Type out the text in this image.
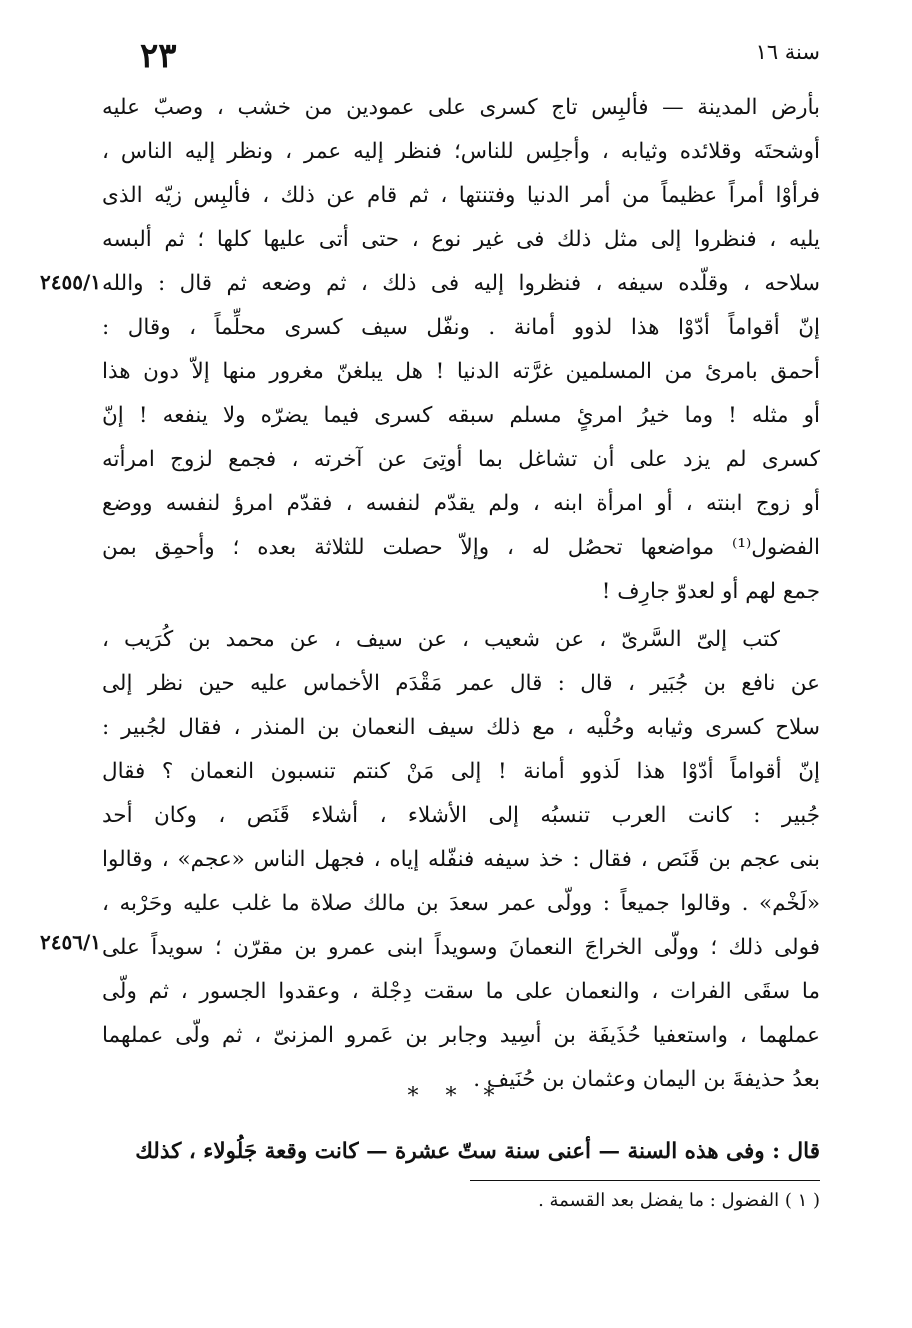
٢٣	سنة ١٦
بأرض المدينة — فألبِس تاج كسرى على عمودين من خشب ، وصبّ عليه
أوشحتَه وقلائده وثيابه ، وأجلِس للناس؛ فنظر إليه عمر ، ونظر إليه الناس ،
فرأوْا أمراً عظيماً من أمر الدنيا وفتنتها ، ثم قام عن ذلك ، فألبِس زيّه الذى
يليه ، فنظروا إلى مثل ذلك فى غير نوع ، حتى أتى عليها كلها ؛ ثم ألبسه
سلاحه ، وقلّده سيفه ، فنظروا إليه فى ذلك ، ثم وضعه ثم قال : والله
إنّ أقواماً أدّوْا هذا لذوو أمانة . ونفّل سيف كسرى محلِّماً ، وقال :
أحمق بامرئ من المسلمين غرَّته الدنيا ! هل يبلغنّ مغرور منها إلاّ دون هذا
أو مثله ! وما خيرُ امرئٍ مسلم سبقه كسرى فيما يضرّه ولا ينفعه ! إنّ
كسرى لم يزد على أن تشاغل بما أوتِىَ عن آخرته ، فجمع لزوج امرأته
أو زوج ابنته ، أو امرأة ابنه ، ولم يقدّم لنفسه ، فقدّم امرؤ لنفسه ووضع
الفضول⁽¹⁾ مواضعها تحصُل له ، وإلاّ حصلت للثلاثة بعده ؛ وأحمِق بمن
جمع لهم أو لعدوّ جارِف !
كتب إلىّ السَّرىّ ، عن شعيب ، عن سيف ، عن محمد بن كُرَيب ،
عن نافع بن جُبَير ، قال : قال عمر مَقْدَم الأخماس عليه حين نظر إلى
سلاح كسرى وثيابه وحُلْيه ، مع ذلك سيف النعمان بن المنذر ، فقال لجُبير :
إنّ أقواماً أدّوْا هذا لَذوو أمانة ! إلى مَنْ كنتم تنسبون النعمان ؟ فقال
جُبير : كانت العرب تنسبُه إلى الأشلاء ، أشلاء قَنَص ، وكان أحد
بنى عجم بن قَنَص ، فقال : خذ سيفه فنفّله إياه ، فجهل الناس «عجم» ، وقالوا
«لَخْم» . وقالوا جميعاً : وولّى عمر سعدَ بن مالك صلاة ما غلب عليه وحَرْبه ،
فولى ذلك ؛ وولّى الخراجَ النعمانَ وسويداً ابنى عمرو بن مقرّن ؛ سويداً على
ما سقَى الفرات ، والنعمان على ما سقت دِجْلة ، وعقدوا الجسور ، ثم ولّى
عملهما ، واستعفيا حُذَيفَة بن أسِيد وجابر بن عَمرو المزنىّ ، ثم ولّى عملهما
بعدُ حذيفةَ بن اليمان وعثمان بن حُنَيف .
٢٤٥٥/١
٢٤٥٦/١
* * *
قال : وفى هذه السنة — أعنى سنة ستّ عشرة — كانت وقعة جَلُولاء ، كذلك
( ١ ) الفضول : ما يفضل بعد القسمة .
